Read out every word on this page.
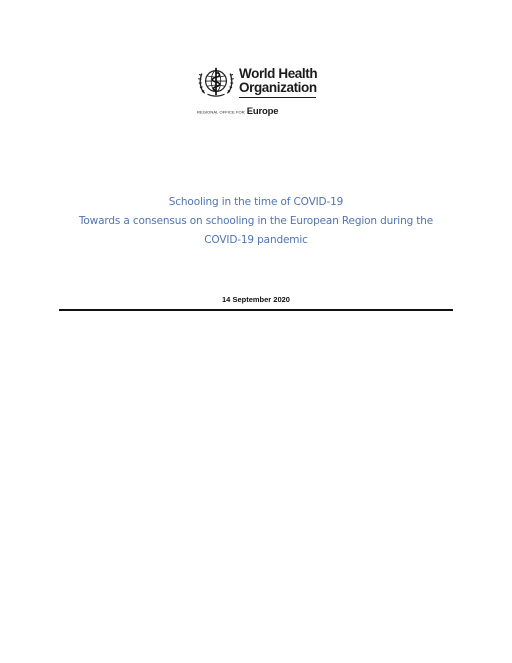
World Health
Organization
REGIONAL OFFICE FOR Europe
Schooling in the time of COVID-19
Towards a consensus on schooling in the European Region during the
COVID-19 pandemic
14 September 2020
